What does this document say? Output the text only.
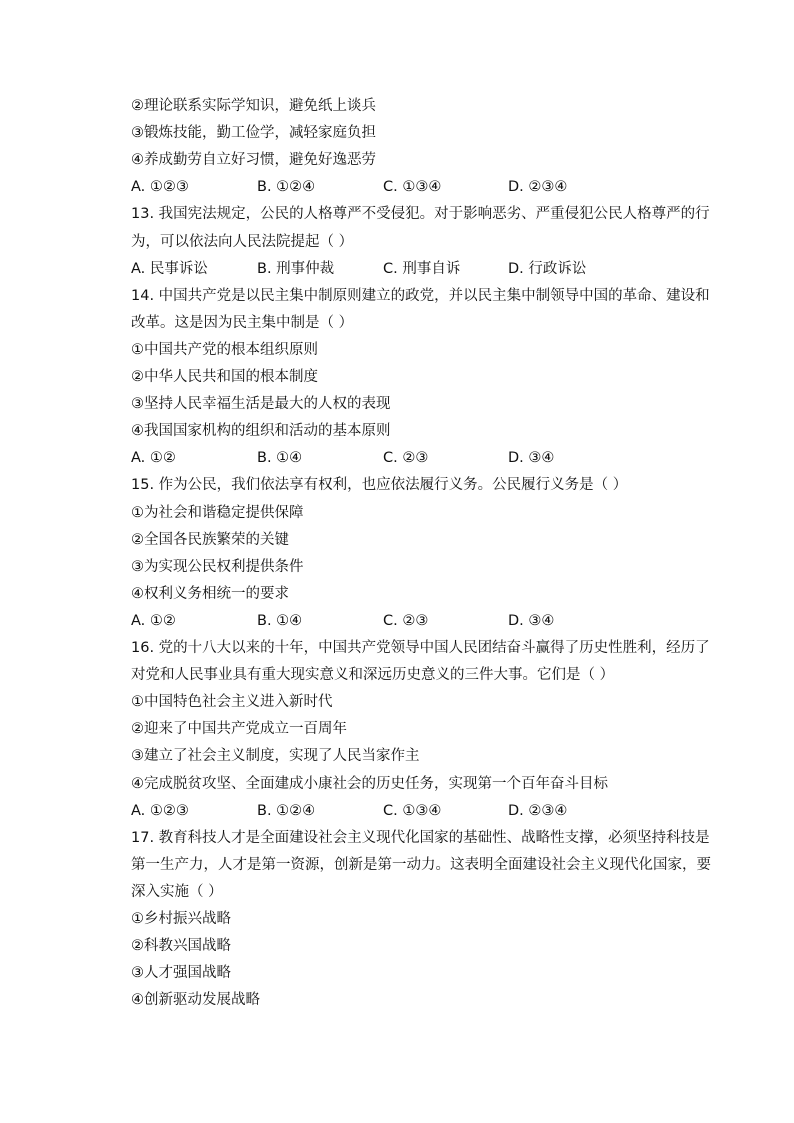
②理论联系实际学知识，避免纸上谈兵
③锻炼技能，勤工俭学，减轻家庭负担
④养成勤劳自立好习惯，避免好逸恶劳
A. ①②③	B. ①②④	C. ①③④	D. ②③④
13. 我国宪法规定，公民的人格尊严不受侵犯。对于影响恶劣、严重侵犯公民人格尊严的行
为，可以依法向人民法院提起（ ）
A. 民事诉讼	B. 刑事仲裁	C. 刑事自诉	D. 行政诉讼
14. 中国共产党是以民主集中制原则建立的政党，并以民主集中制领导中国的革命、建设和
改革。这是因为民主集中制是（ ）
①中国共产党的根本组织原则
②中华人民共和国的根本制度
③坚持人民幸福生活是最大的人权的表现
④我国国家机构的组织和活动的基本原则
A. ①②	B. ①④	C. ②③	D. ③④
15. 作为公民，我们依法享有权利，也应依法履行义务。公民履行义务是（ ）
①为社会和谐稳定提供保障
②全国各民族繁荣的关键
③为实现公民权利提供条件
④权利义务相统一的要求
A. ①②	B. ①④	C. ②③	D. ③④
16. 党的十八大以来的十年，中国共产党领导中国人民团结奋斗赢得了历史性胜利，经历了
对党和人民事业具有重大现实意义和深远历史意义的三件大事。它们是（ ）
①中国特色社会主义进入新时代
②迎来了中国共产党成立一百周年
③建立了社会主义制度，实现了人民当家作主
④完成脱贫攻坚、全面建成小康社会的历史任务，实现第一个百年奋斗目标
A. ①②③	B. ①②④	C. ①③④	D. ②③④
17. 教育科技人才是全面建设社会主义现代化国家的基础性、战略性支撑，必须坚持科技是
第一生产力，人才是第一资源，创新是第一动力。这表明全面建设社会主义现代化国家，要
深入实施（ ）
①乡村振兴战略
②科教兴国战略
③人才强国战略
④创新驱动发展战略
